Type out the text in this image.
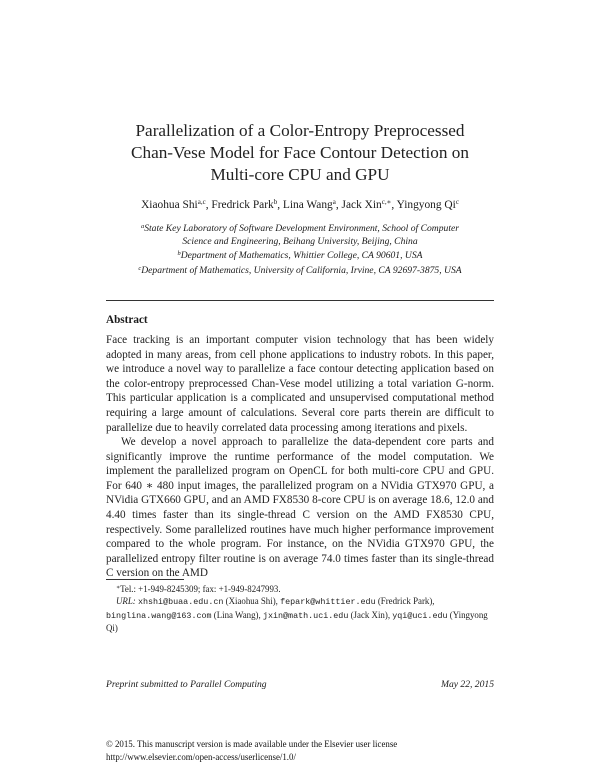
Parallelization of a Color-Entropy Preprocessed
Chan-Vese Model for Face Contour Detection on
Multi-core CPU and GPU
Xiaohua Shi$^{a,c}$, Fredrick Park$^b$, Lina Wang$^a$, Jack Xin$^{c,∗}$, Yingyong Qi$^c$
$^a$State Key Laboratory of Software Development Environment, School of Computer
Science and Engineering, Beihang University, Beijing, China
$^b$Department of Mathematics, Whittier College, CA 90601, USA
$^c$Department of Mathematics, University of California, Irvine, CA 92697-3875, USA
Abstract
Face tracking is an important computer vision technology that has been widely adopted in many areas, from cell phone applications to industry robots. In this paper, we introduce a novel way to parallelize a face contour detecting application based on the color-entropy preprocessed Chan-Vese model utilizing a total variation G-norm. This particular application is a complicated and unsupervised computational method requiring a large amount of calculations. Several core parts therein are difficult to parallelize due to heavily correlated data processing among iterations and pixels.
We develop a novel approach to parallelize the data-dependent core parts and significantly improve the runtime performance of the model computation. We implement the parallelized program on OpenCL for both multi-core CPU and GPU. For 640 ∗ 480 input images, the parallelized program on a NVidia GTX970 GPU, a NVidia GTX660 GPU, and an AMD FX8530 8-core CPU is on average 18.6, 12.0 and 4.40 times faster than its single-thread C version on the AMD FX8530 CPU, respectively. Some parallelized routines have much higher performance improvement compared to the whole program. For instance, on the NVidia GTX970 GPU, the parallelized entropy filter routine is on average 74.0 times faster than its single-thread C version on the AMD
∗Tel.: +1-949-8245309; fax: +1-949-8247993.
URL: xhshi@buaa.edu.cn (Xiaohua Shi), fepark@whittier.edu (Fredrick Park), binglina.wang@163.com (Lina Wang), jxin@math.uci.edu (Jack Xin), yqi@uci.edu (Yingyong Qi)
Preprint submitted to Parallel Computing	May 22, 2015
© 2015. This manuscript version is made available under the Elsevier user license
http://www.elsevier.com/open-access/userlicense/1.0/
